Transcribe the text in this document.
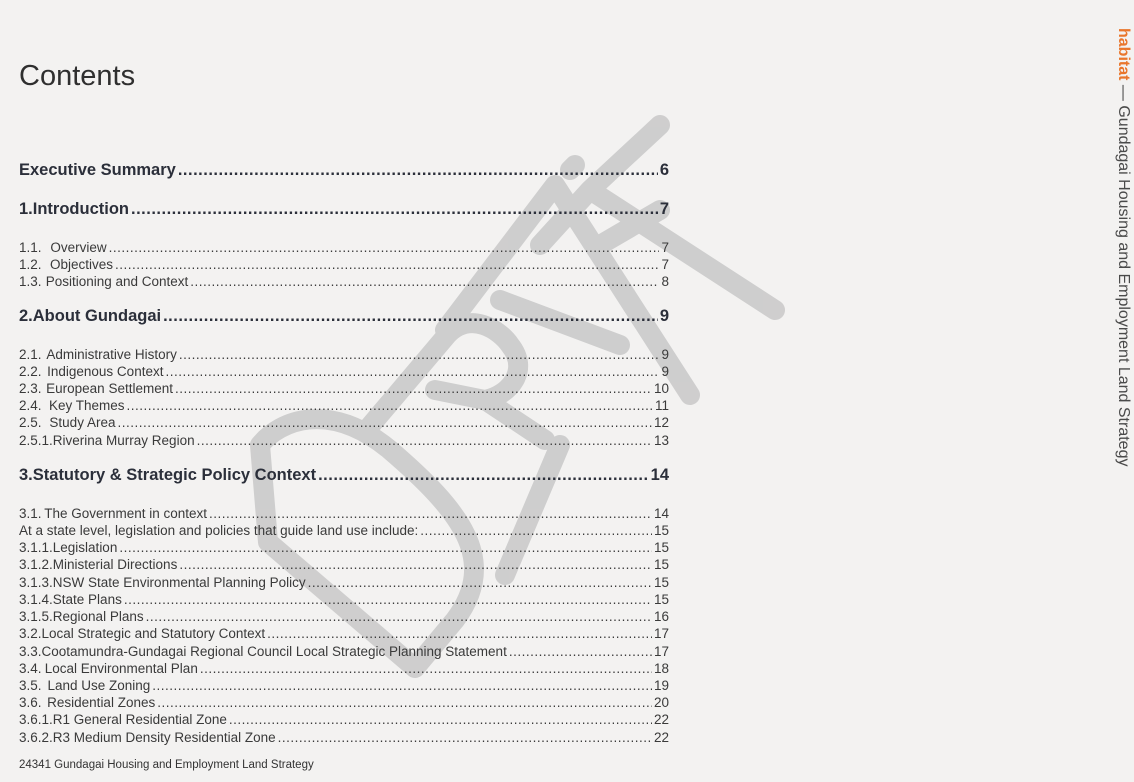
Contents
Executive Summary .....	6
1. Introduction .....	7
1.1. Overview .....	7
1.2. Objectives .....	7
1.3. Positioning and Context .....	8
2. About Gundagai .....	9
2.1. Administrative History .....	9
2.2. Indigenous Context .....	9
2.3. European Settlement .....	10
2.4. Key Themes .....	11
2.5. Study Area .....	12
2.5.1. Riverina Murray Region .....	13
3. Statutory & Strategic Policy Context .....	14
3.1. The Government in context .....	14
At a state level, legislation and policies that guide land use include: .....	15
3.1.1. Legislation .....	15
3.1.2. Ministerial Directions .....	15
3.1.3. NSW State Environmental Planning Policy .....	15
3.1.4. State Plans .....	15
3.1.5. Regional Plans .....	16
3.2. Local Strategic and Statutory Context .....	17
3.3. Cootamundra-Gundagai Regional Council Local Strategic Planning Statement .....	17
3.4. Local Environmental Plan .....	18
3.5. Land Use Zoning .....	19
3.6. Residential Zones .....	20
3.6.1. R1 General Residential Zone .....	22
3.6.2. R3 Medium Density Residential Zone .....	22
24341 Gundagai Housing and Employment Land Strategy
habitat — Gundagai Housing and Employment Land Strategy
